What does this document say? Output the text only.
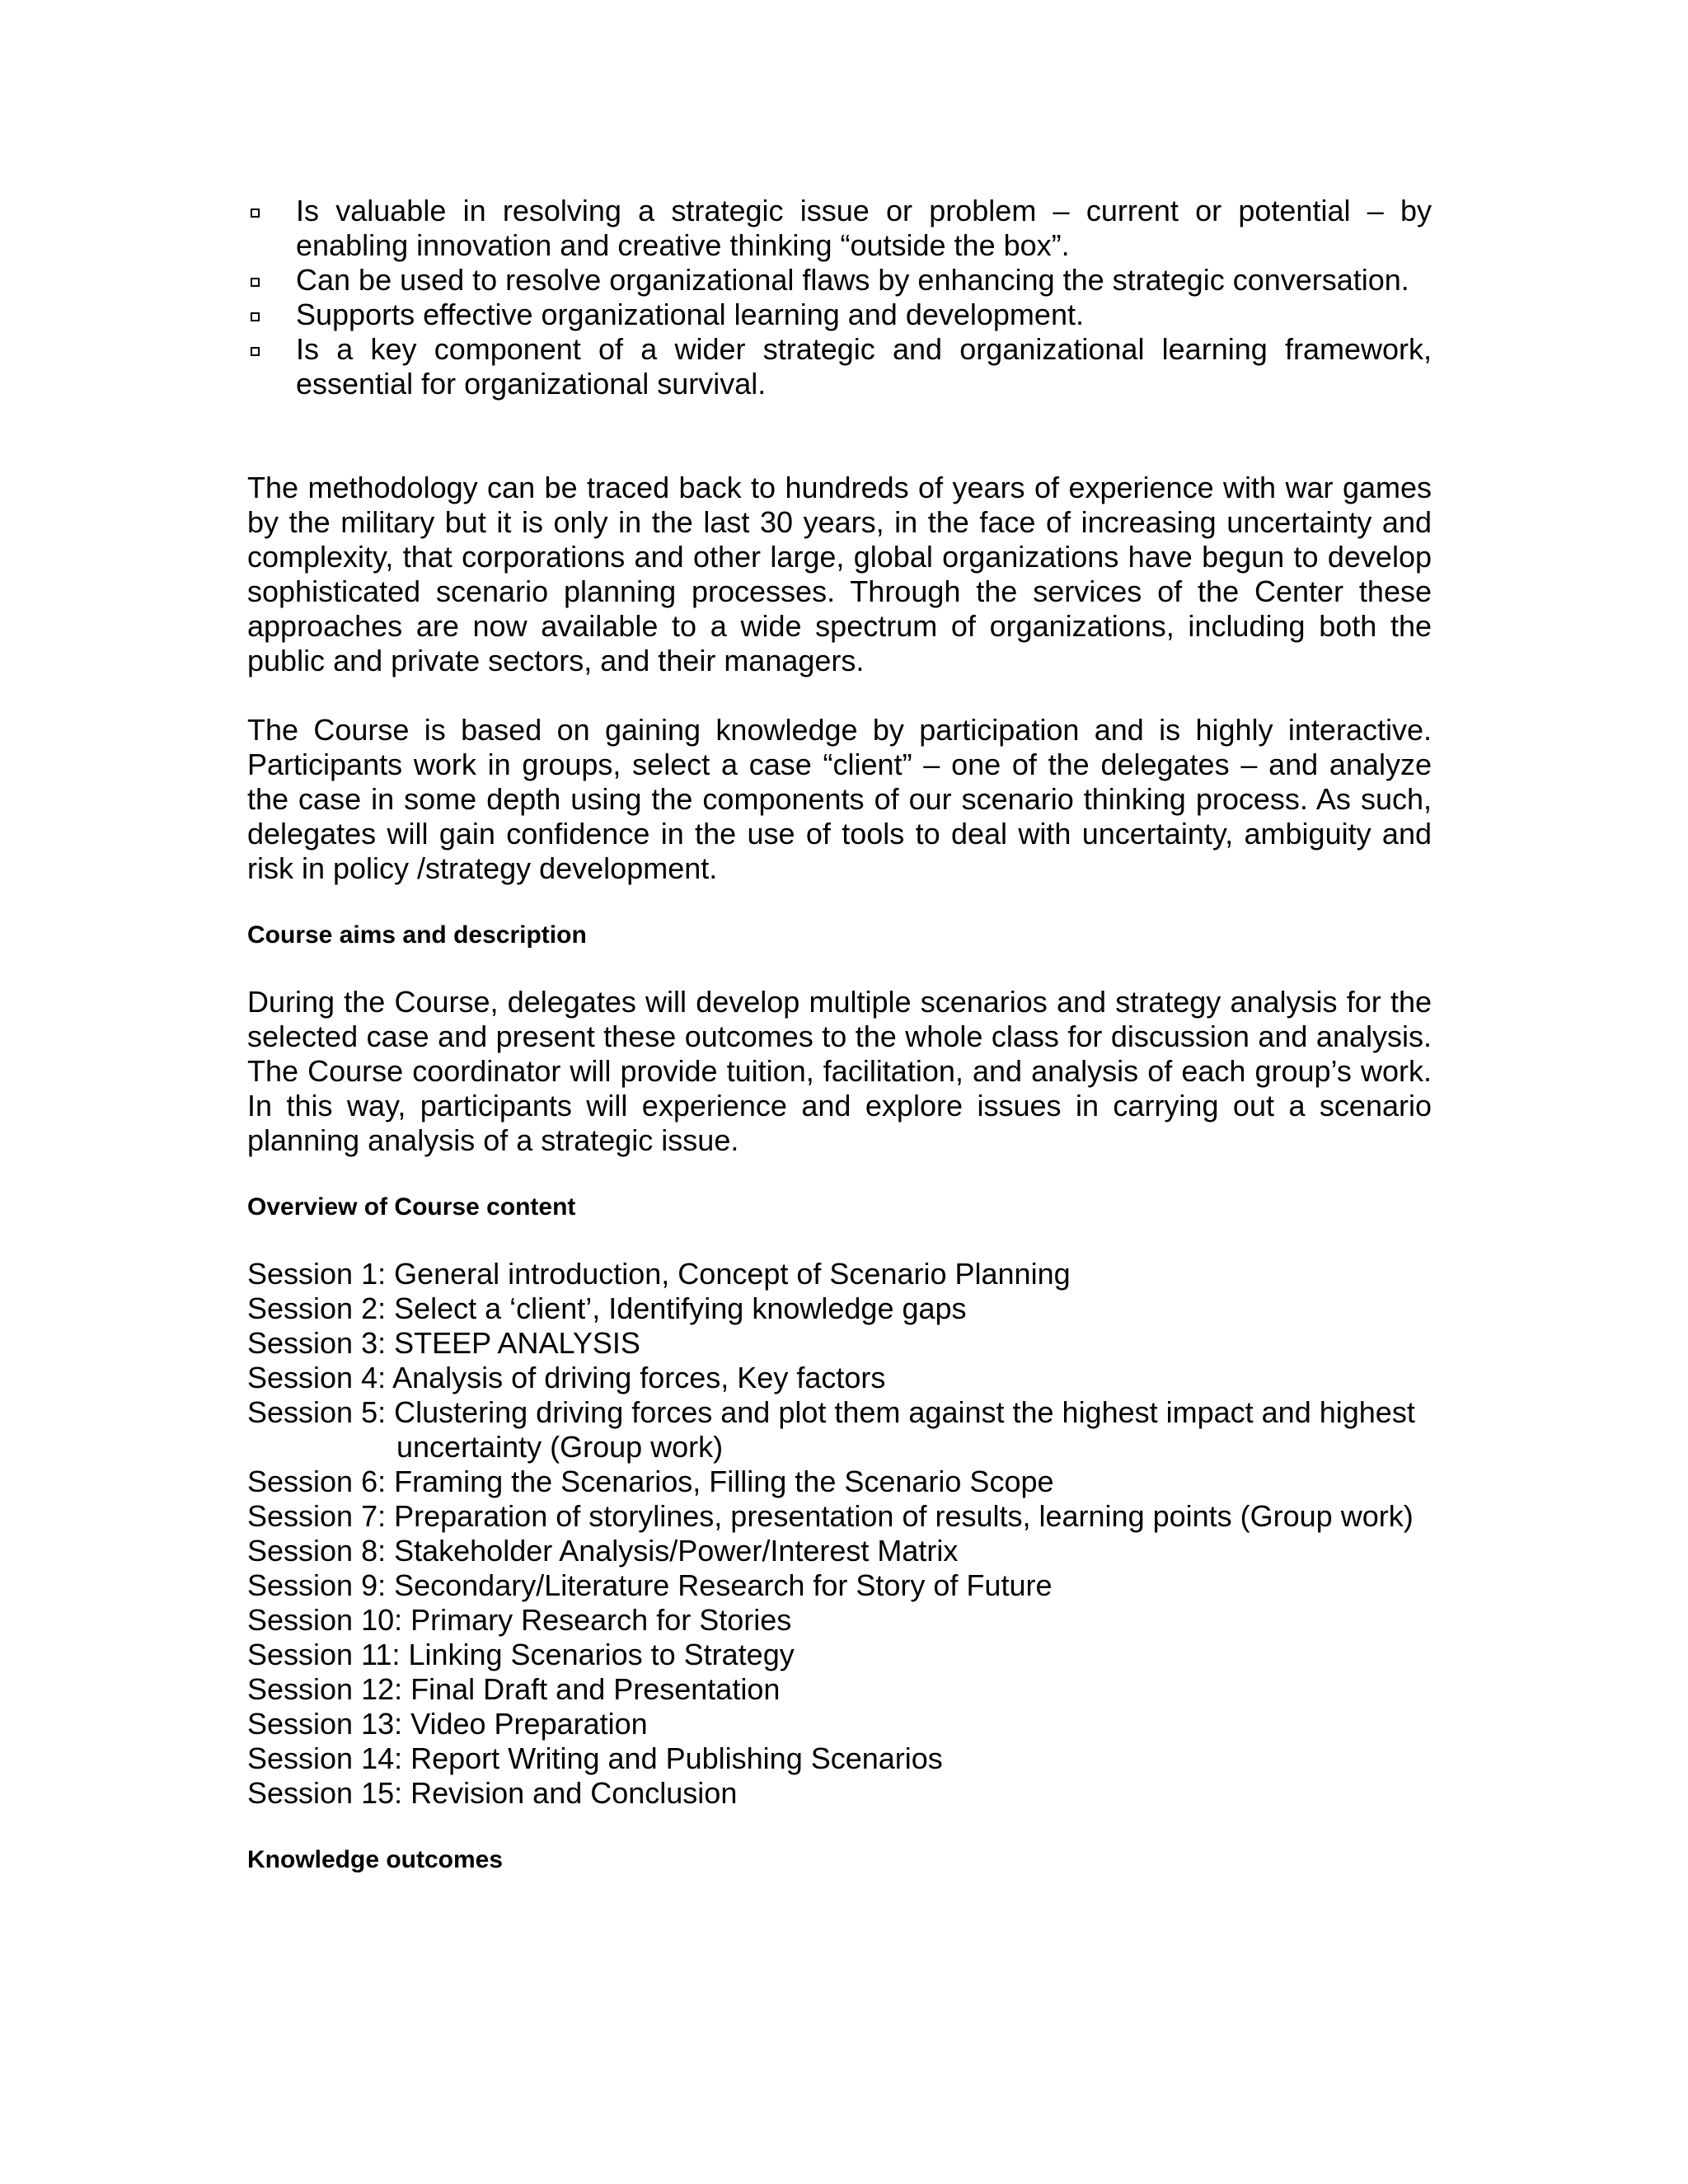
Is valuable in resolving a strategic issue or problem – current or potential – by enabling innovation and creative thinking “outside the box”.
Can be used to resolve organizational flaws by enhancing the strategic conversation.
Supports effective organizational learning and development.
Is a key component of a wider strategic and organizational learning framework, essential for organizational survival.

The methodology can be traced back to hundreds of years of experience with war games by the military but it is only in the last 30 years, in the face of increasing uncertainty and complexity, that corporations and other large, global organizations have begun to develop sophisticated scenario planning processes. Through the services of the Center these approaches are now available to a wide spectrum of organizations, including both the public and private sectors, and their managers.

The Course is based on gaining knowledge by participation and is highly interactive. Participants work in groups, select a case “client” – one of the delegates – and analyze the case in some depth using the components of our scenario thinking process. As such, delegates will gain confidence in the use of tools to deal with uncertainty, ambiguity and risk in policy /strategy development.

Course aims and description

During the Course, delegates will develop multiple scenarios and strategy analysis for the selected case and present these outcomes to the whole class for discussion and analysis. The Course coordinator will provide tuition, facilitation, and analysis of each group’s work. In this way, participants will experience and explore issues in carrying out a scenario planning analysis of a strategic issue.

Overview of Course content

Session 1: General introduction, Concept of Scenario Planning
Session 2: Select a ‘client’, Identifying knowledge gaps
Session 3: STEEP ANALYSIS
Session 4: Analysis of driving forces, Key factors
Session 5: Clustering driving forces and plot them against the highest impact and highest uncertainty (Group work)
Session 6: Framing the Scenarios, Filling the Scenario Scope
Session 7: Preparation of storylines, presentation of results, learning points (Group work)
Session 8: Stakeholder Analysis/Power/Interest Matrix
Session 9: Secondary/Literature Research for Story of Future
Session 10: Primary Research for Stories
Session 11: Linking Scenarios to Strategy
Session 12: Final Draft and Presentation
Session 13: Video Preparation
Session 14: Report Writing and Publishing Scenarios
Session 15: Revision and Conclusion

Knowledge outcomes
